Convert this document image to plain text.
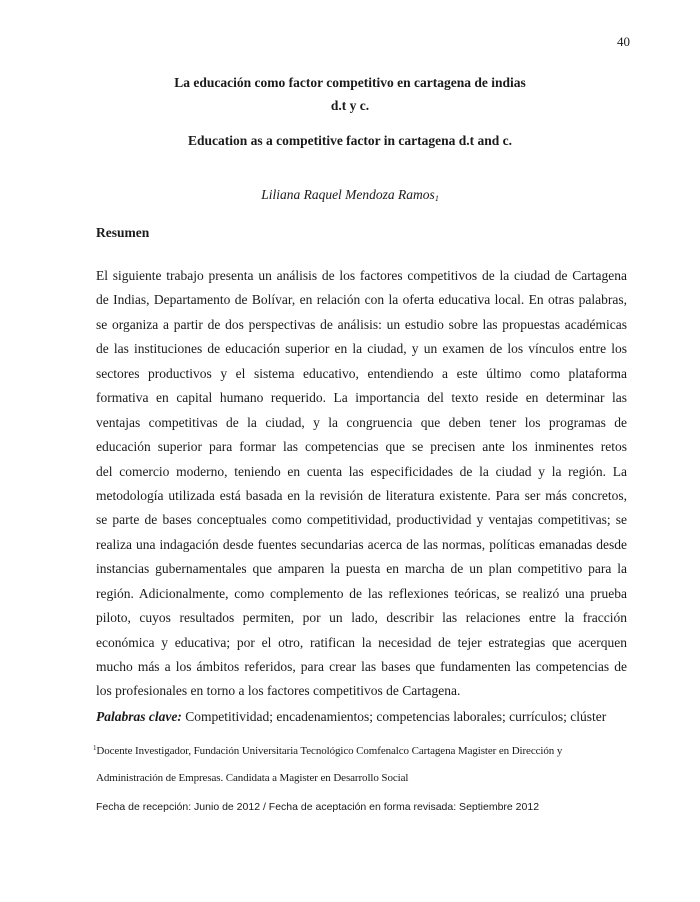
40
La educación como factor competitivo en cartagena de indias
d.t y c.
Education as a competitive factor in cartagena d.t and c.
Liliana Raquel Mendoza Ramos$_1$
Resumen
El siguiente trabajo presenta un análisis de los factores competitivos de la ciudad de Cartagena
de Indias, Departamento de Bolívar, en relación con la oferta educativa local. En otras palabras,
se organiza a partir de dos perspectivas de análisis: un estudio sobre las propuestas académicas
de las instituciones de educación superior en la ciudad, y un examen de los vínculos entre los
sectores productivos y el sistema educativo, entendiendo a este último como plataforma
formativa en capital humano requerido. La importancia del texto reside en determinar las
ventajas competitivas de la ciudad, y la congruencia que deben tener los programas de
educación superior para formar las competencias que se precisen ante los inminentes retos
del comercio moderno, teniendo en cuenta las especificidades de la ciudad y la región. La
metodología utilizada está basada en la revisión de literatura existente. Para ser más concretos,
se parte de bases conceptuales como competitividad, productividad y ventajas competitivas; se
realiza una indagación desde fuentes secundarias acerca de las normas, políticas emanadas desde
instancias gubernamentales que amparen la puesta en marcha de un plan competitivo para la
región. Adicionalmente, como complemento de las reflexiones teóricas, se realizó una prueba
piloto, cuyos resultados permiten, por un lado, describir las relaciones entre la fracción
económica y educativa; por el otro, ratifican la necesidad de tejer estrategias que acerquen
mucho más a los ámbitos referidos, para crear las bases que fundamenten las competencias de
los profesionales en torno a los factores competitivos de Cartagena.
Palabras clave: Competitividad; encadenamientos; competencias laborales; currículos; clúster
$^1$Docente Investigador, Fundación Universitaria Tecnológico Comfenalco Cartagena Magister en Dirección y
Administración de Empresas. Candidata a Magister en Desarrollo Social
Fecha de recepción: Junio de 2012 / Fecha de aceptación en forma revisada: Septiembre 2012
